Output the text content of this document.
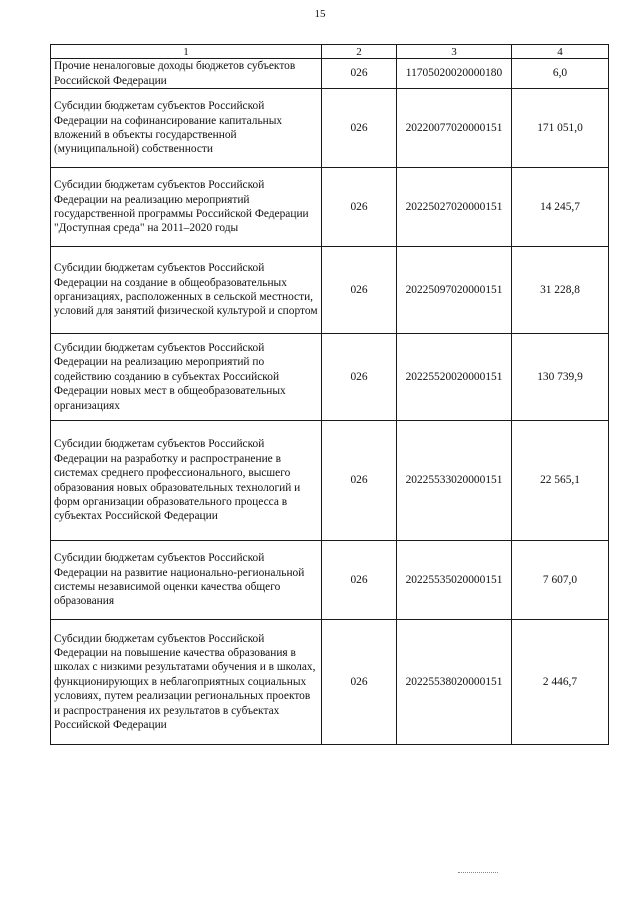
15
1	2	3	4
Прочие неналоговые доходы бюджетов субъектов Российской Федерации	026	11705020020000180	6,0
Субсидии бюджетам субъектов Российской Федерации на софинансирование капитальных вложений в объекты государственной (муниципальной) собственности	026	20220077020000151	171 051,0
Субсидии бюджетам субъектов Российской Федерации на реализацию мероприятий государственной программы Российской Федерации "Доступная среда" на 2011–2020 годы	026	20225027020000151	14 245,7
Субсидии бюджетам субъектов Российской Федерации на создание в общеобразовательных организациях, расположенных в сельской местности, условий для занятий физической культурой и спортом	026	20225097020000151	31 228,8
Субсидии бюджетам субъектов Российской Федерации на реализацию мероприятий по содействию созданию в субъектах Российской Федерации новых мест в общеобразовательных организациях	026	20225520020000151	130 739,9
Субсидии бюджетам субъектов Российской Федерации на разработку и распространение в системах среднего профессионального, высшего образования новых образовательных технологий и форм организации образовательного процесса в субъектах Российской Федерации	026	20225533020000151	22 565,1
Субсидии бюджетам субъектов Российской Федерации на развитие национально-региональной системы независимой оценки качества общего образования	026	20225535020000151	7 607,0
Субсидии бюджетам субъектов Российской Федерации на повышение качества образования в школах с низкими результатами обучения и в школах, функционирующих в неблагоприятных социальных условиях, путем реализации региональных проектов и распространения их результатов в субъектах Российской Федерации	026	20225538020000151	2 446,7
